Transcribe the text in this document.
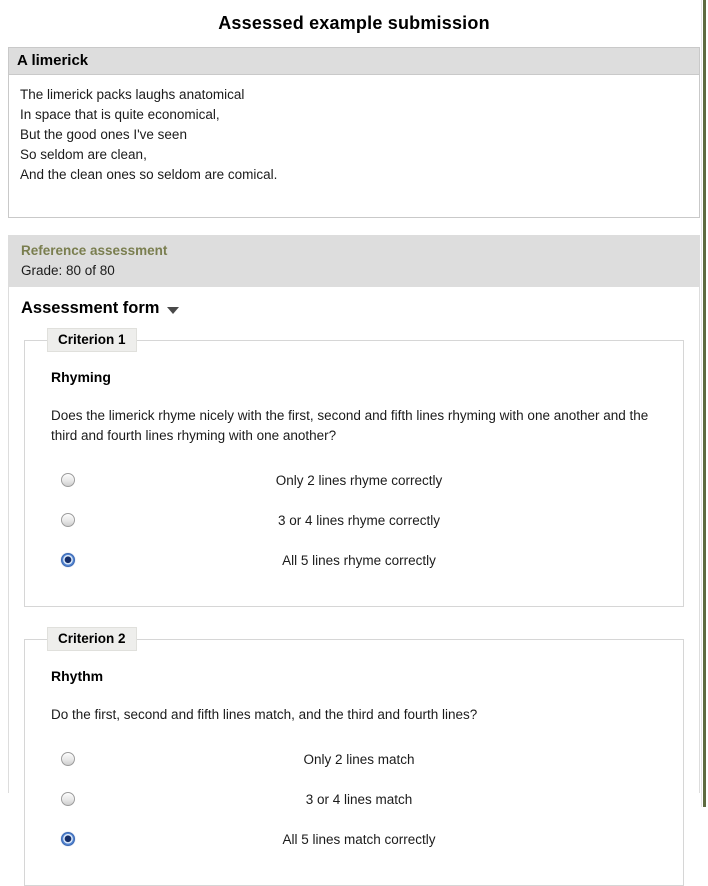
Assessed example submission
A limerick
The limerick packs laughs anatomical
In space that is quite economical,
But the good ones I've seen
So seldom are clean,
And the clean ones so seldom are comical.
Reference assessment
Grade: 80 of 80
Assessment form
Criterion 1
Rhyming
Does the limerick rhyme nicely with the first, second and fifth lines rhyming with one another and the third and fourth lines rhyming with one another?
Only 2 lines rhyme correctly
3 or 4 lines rhyme correctly
All 5 lines rhyme correctly
Criterion 2
Rhythm
Do the first, second and fifth lines match, and the third and fourth lines?
Only 2 lines match
3 or 4 lines match
All 5 lines match correctly
